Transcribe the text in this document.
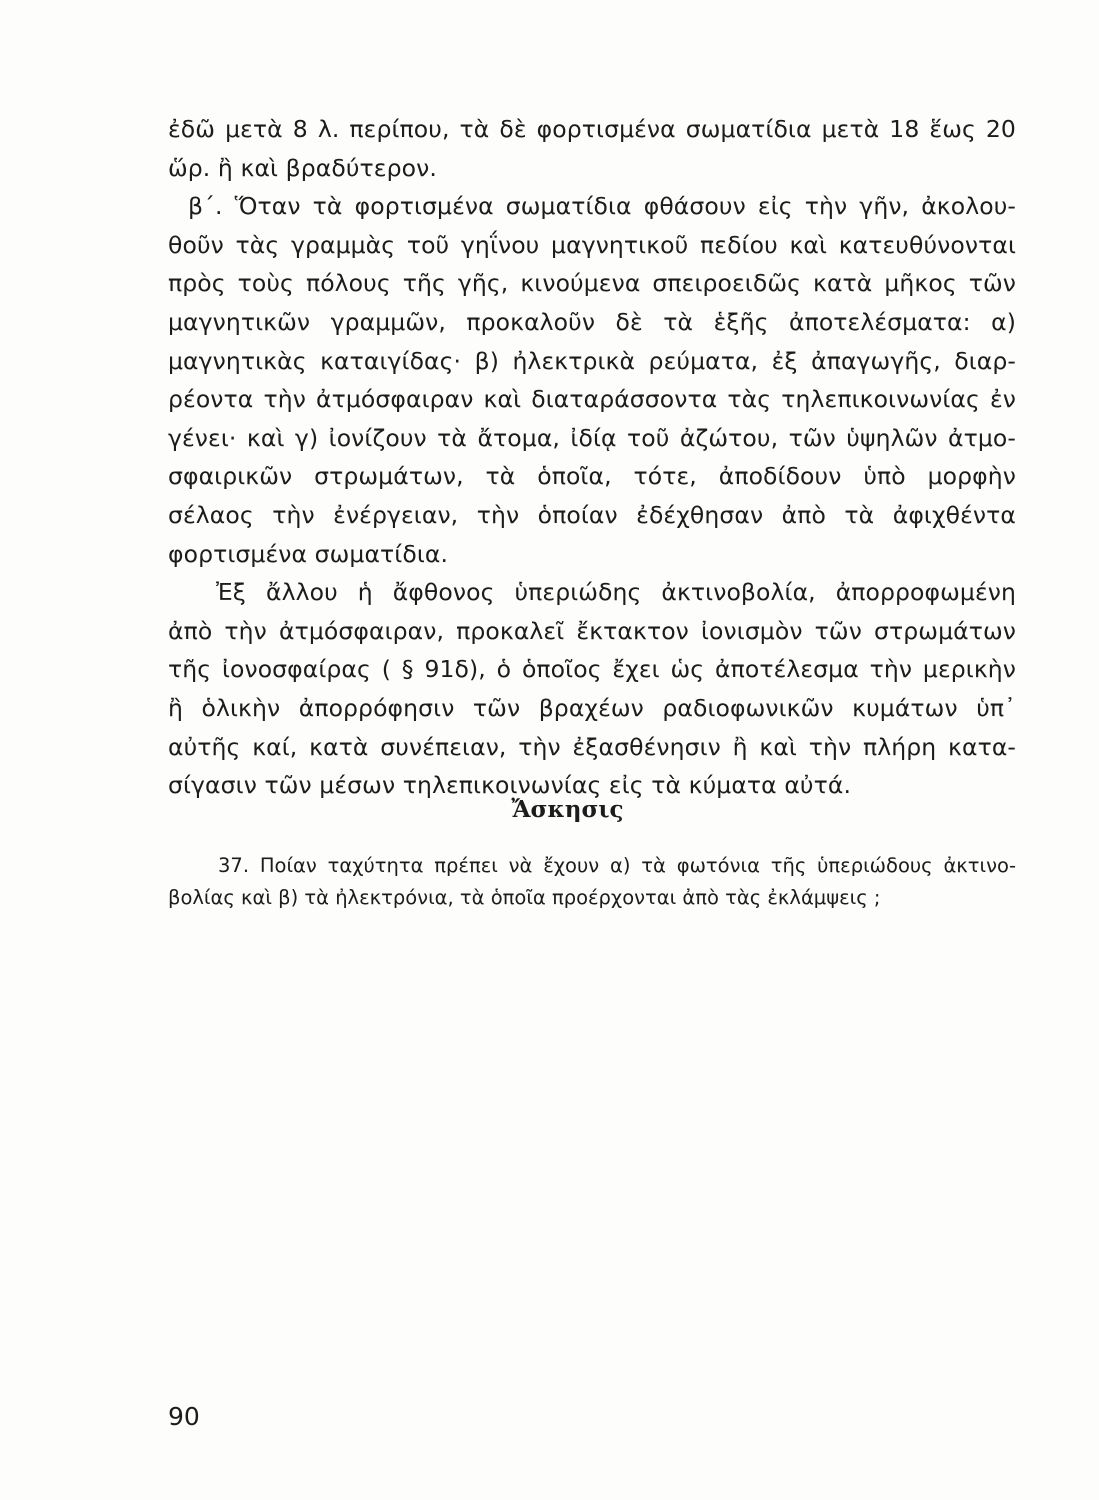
ἐδῶ μετὰ 8 λ. περίπου, τὰ δὲ φορτισμένα σωματίδια μετὰ 18 ἕως 20
ὥρ. ἢ καὶ βραδύτερον.
β΄. Ὅταν τὰ φορτισμένα σωματίδια φθάσουν εἰς τὴν γῆν, ἀκολου-
θοῦν τὰς γραμμὰς τοῦ γηΐνου μαγνητικοῦ πεδίου καὶ κατευθύνονται
πρὸς τοὺς πόλους τῆς γῆς, κινούμενα σπειροειδῶς κατὰ μῆκος τῶν
μαγνητικῶν γραμμῶν, προκαλοῦν δὲ τὰ ἑξῆς ἀποτελέσματα: α)
μαγνητικὰς καταιγίδας· β) ἠλεκτρικὰ ρεύματα, ἐξ ἀπαγωγῆς, διαρ-
ρέοντα τὴν ἀτμόσφαιραν καὶ διαταράσσοντα τὰς τηλεπικοινωνίας ἐν
γένει· καὶ γ) ἰονίζουν τὰ ἄτομα, ἰδίᾳ τοῦ ἀζώτου, τῶν ὑψηλῶν ἀτμο-
σφαιρικῶν στρωμάτων, τὰ ὁποῖα, τότε, ἀποδίδουν ὑπὸ μορφὴν
σέλαος τὴν ἐνέργειαν, τὴν ὁποίαν ἐδέχθησαν ἀπὸ τὰ ἀφιχθέντα
φορτισμένα σωματίδια.
Ἐξ ἄλλου ἡ ἄφθονος ὑπεριώδης ἀκτινοβολία, ἀπορροφωμένη
ἀπὸ τὴν ἀτμόσφαιραν, προκαλεῖ ἔκτακτον ἰονισμὸν τῶν στρωμάτων
τῆς ἰονοσφαίρας ( § 91δ), ὁ ὁποῖος ἔχει ὡς ἀποτέλεσμα τὴν μερικὴν
ἢ ὁλικὴν ἀπορρόφησιν τῶν βραχέων ραδιοφωνικῶν κυμάτων ὑπ᾽
αὐτῆς καί, κατὰ συνέπειαν, τὴν ἐξασθένησιν ἢ καὶ τὴν πλήρη κατα-
σίγασιν τῶν μέσων τηλεπικοινωνίας εἰς τὰ κύματα αὐτά.
Ἄσκησις
37. Ποίαν ταχύτητα πρέπει νὰ ἔχουν α) τὰ φωτόνια τῆς ὑπεριώδους ἀκτινο-
βολίας καὶ β) τὰ ἠλεκτρόνια, τὰ ὁποῖα προέρχονται ἀπὸ τὰς ἐκλάμψεις ;
90
